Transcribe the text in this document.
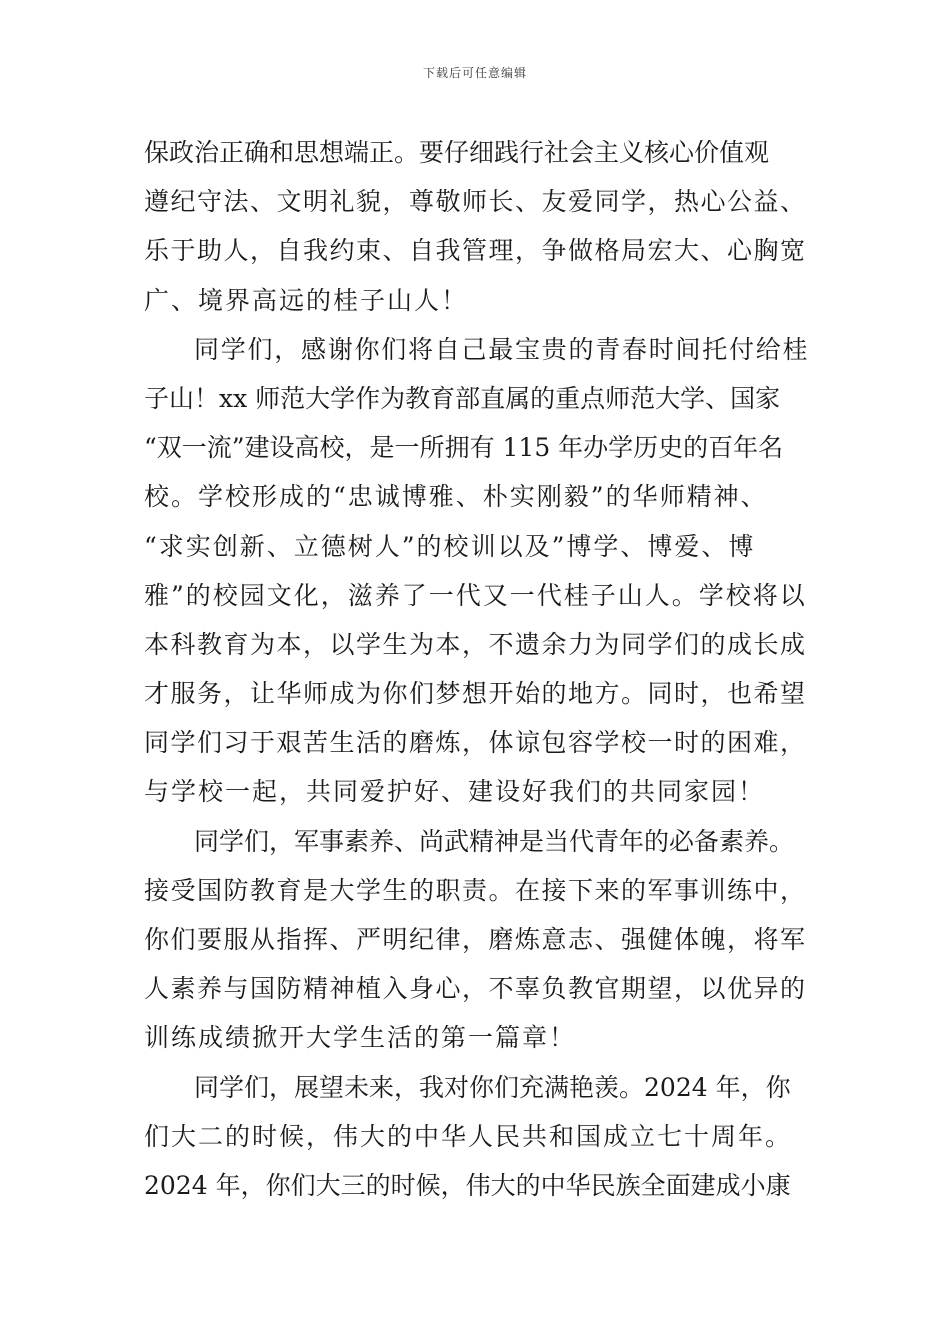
下载后可任意编辑
保政治正确和思想端正。要仔细践行社会主义核心价值观
遵纪守法、文明礼貌，尊敬师长、友爱同学，热心公益、
乐于助人，自我约束、自我管理，争做格局宏大、心胸宽
广、境界高远的桂子山人！
同学们，感谢你们将自己最宝贵的青春时间托付给桂
子山！xx 师范大学作为教育部直属的重点师范大学、国家
“双一流”建设高校，是一所拥有 115 年办学历史的百年名
校。学校形成的“忠诚博雅、朴实刚毅”的华师精神、
“求实创新、立德树人”的校训以及”博学、博爱、博
雅”的校园文化，滋养了一代又一代桂子山人。学校将以
本科教育为本，以学生为本，不遗余力为同学们的成长成
才服务，让华师成为你们梦想开始的地方。同时，也希望
同学们习于艰苦生活的磨炼，体谅包容学校一时的困难，
与学校一起，共同爱护好、建设好我们的共同家园！
同学们，军事素养、尚武精神是当代青年的必备素养。
接受国防教育是大学生的职责。在接下来的军事训练中，
你们要服从指挥、严明纪律，磨炼意志、强健体魄，将军
人素养与国防精神植入身心，不辜负教官期望，以优异的
训练成绩掀开大学生活的第一篇章！
同学们，展望未来，我对你们充满艳羡。2024 年，你
们大二的时候，伟大的中华人民共和国成立七十周年。
2024 年，你们大三的时候，伟大的中华民族全面建成小康
